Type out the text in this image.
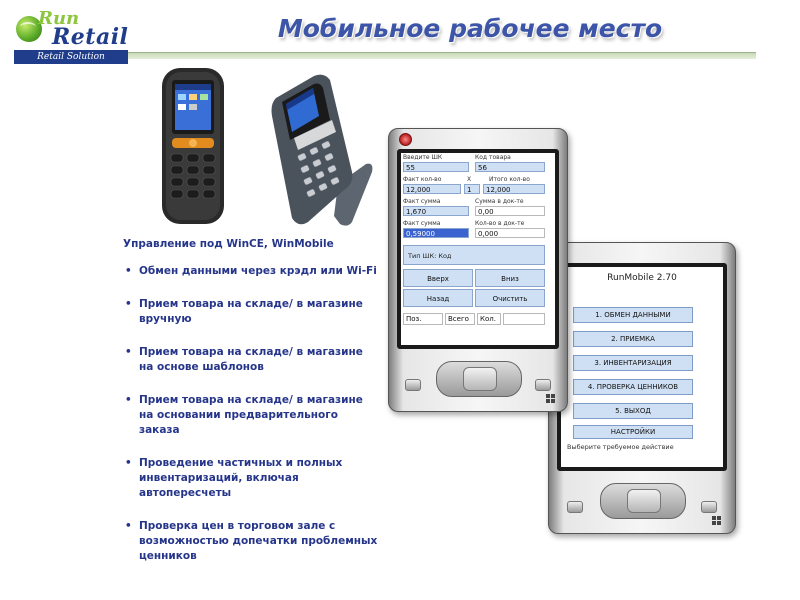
Run
Retail
Retail Solution
Мобильное рабочее место
Управление под WinCE, WinMobile
• Обмен данными через крэдл или Wi-Fi
• Прием товара на складе/ в магазине вручную
• Прием товара на складе/ в магазине на основе шаблонов
• Прием товара на складе/ в магазине на основании предварительного заказа
• Проведение частичных и полных инвентаризаций, включая автопересчеты
• Проверка цен в торговом зале с возможностью допечатки проблемных ценников
RunMobile 2.70
1. ОБМЕН ДАННЫМИ
2. ПРИЕМКА
3. ИНВЕНТАРИЗАЦИЯ
4. ПРОВЕРКА ЦЕННИКОВ
5. ВЫХОД
НАСТРОЙКИ
Выберите требуемое действие
Введите ШК	Код товара
55	56
Факт кол-во	Х	Итого кол-во
12,000	1	12,000
Факт сумма	Сумма в док-те
1,670	0,00
Факт сумма	Кол-во в док-те
0,59000	0,000
Тип ШК: Код
Вверх	Вниз
Назад	Очистить
Поз.	Всего	Кол.
